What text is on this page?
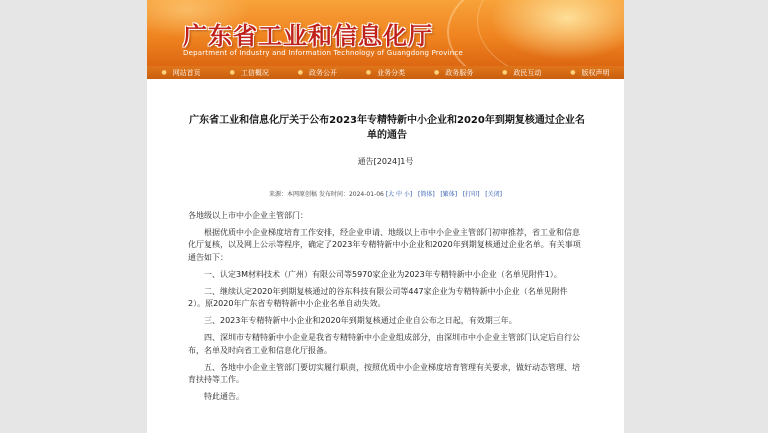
广东省工业和信息化厅
Department of Industry and Information Technology of Guangdong Province
● 网站首页	● 工信概况	● 政务公开	● 业务分类	● 政务服务	● 政民互动	● 版权声明
广东省工业和信息化厅关于公布2023年专精特新中小企业和2020年到期复核通过企业名单的通告
通告[2024]1号
来源：本网原创稿 发布时间：2024-01-06 [大 中 小] [简体] [繁体] [打印] [关闭]

各地级以上市中小企业主管部门：

根据优质中小企业梯度培育工作安排，经企业申请、地级以上市中小企业主管部门初审推荐，省工业和信息化厅复核，以及网上公示等程序，确定了2023年专精特新中小企业和2020年到期复核通过企业名单。有关事项通告如下：

一、认定3M材料技术（广州）有限公司等5970家企业为2023年专精特新中小企业（名单见附件1）。

二、继续认定2020年到期复核通过的谷东科技有限公司等447家企业为专精特新中小企业（名单见附件2）。原2020年广东省专精特新中小企业名单自动失效。

三、2023年专精特新中小企业和2020年到期复核通过企业自公布之日起，有效期三年。

四、深圳市专精特新中小企业是我省专精特新中小企业组成部分，由深圳市中小企业主管部门认定后自行公布，名单及时向省工业和信息化厅报备。

五、各地中小企业主管部门要切实履行职责，按照优质中小企业梯度培育管理有关要求，做好动态管理、培育扶持等工作。

特此通告。
